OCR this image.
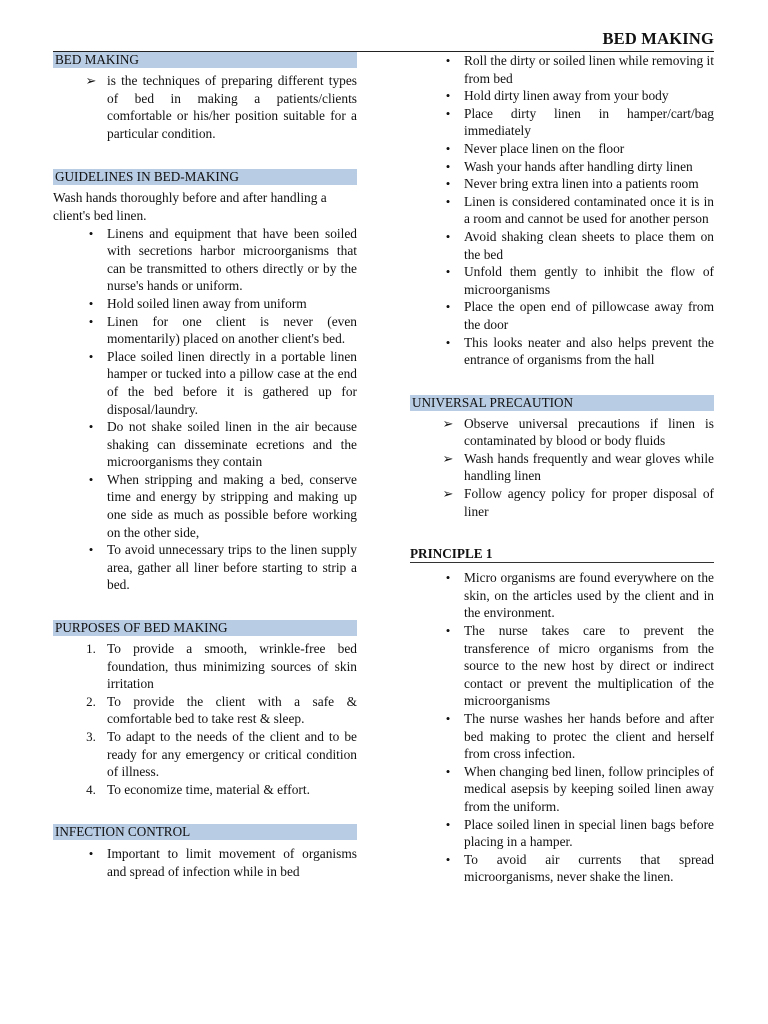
BED MAKING
BED MAKING
➢ is the techniques of preparing different types of bed in making a patients/clients comfortable or his/her position suitable for a particular condition.
GUIDELINES IN BED-MAKING

Wash hands thoroughly before and after handling a client's bed linen.

•	Linens and equipment that have been soiled with secretions harbor microorganisms that can be transmitted to others directly or by the nurse's hands or uniform.
•	Hold soiled linen away from uniform
•	Linen for one client is never (even momentarily) placed on another client's bed.
•	Place soiled linen directly in a portable linen hamper or tucked into a pillow case at the end of the bed before it is gathered up for disposal/laundry.
•	Do not shake soiled linen in the air because shaking can disseminate ecretions and the microorganisms they contain
•	When stripping and making a bed, conserve time and energy by stripping and making up one side as much as possible before working on the other side,
•	To avoid unnecessary trips to the linen supply area, gather all liner before starting to strip a bed.
PURPOSES OF BED MAKING
1. To provide a smooth, wrinkle-free bed foundation, thus minimizing sources of skin irritation
2. To provide the client with a safe & comfortable bed to take rest & sleep.
3. To adapt to the needs of the client and to be ready for any emergency or critical condition of illness.
4. To economize time, material & effort.
INFECTION CONTROL
•	Important to limit movement of organisms and spread of infection while in bed
•	Roll the dirty or soiled linen while removing it from bed
•	Hold dirty linen away from your body
•	Place dirty linen in hamper/cart/bag immediately
•	Never place linen on the floor
•	Wash your hands after handling dirty linen
•	Never bring extra linen into a patients room
•	Linen is considered contaminated once it is in a room and cannot be used for another person
•	Avoid shaking clean sheets to place them on the bed
•	Unfold them gently to inhibit the flow of microorganisms
•	Place the open end of pillowcase away from the door
•	This looks neater and also helps prevent the entrance of organisms from the hall
UNIVERSAL PRECAUTION
➢ Observe universal precautions if linen is contaminated by blood or body fluids
➢ Wash hands frequently and wear gloves while handling linen
➢ Follow agency policy for proper disposal of liner
PRINCIPLE 1
•	Micro organisms are found everywhere on the skin, on the articles used by the client and in the environment.
•	The nurse takes care to prevent the transference of micro organisms from the source to the new host by direct or indirect contact or prevent the multiplication of the microorganisms
•	The nurse washes her hands before and after bed making to protec the client and herself from cross infection.
•	When changing bed linen, follow principles of medical asepsis by keeping soiled linen away from the uniform.
•	Place soiled linen in special linen bags before placing in a hamper.
•	To avoid air currents that spread microorganisms, never shake the linen.
